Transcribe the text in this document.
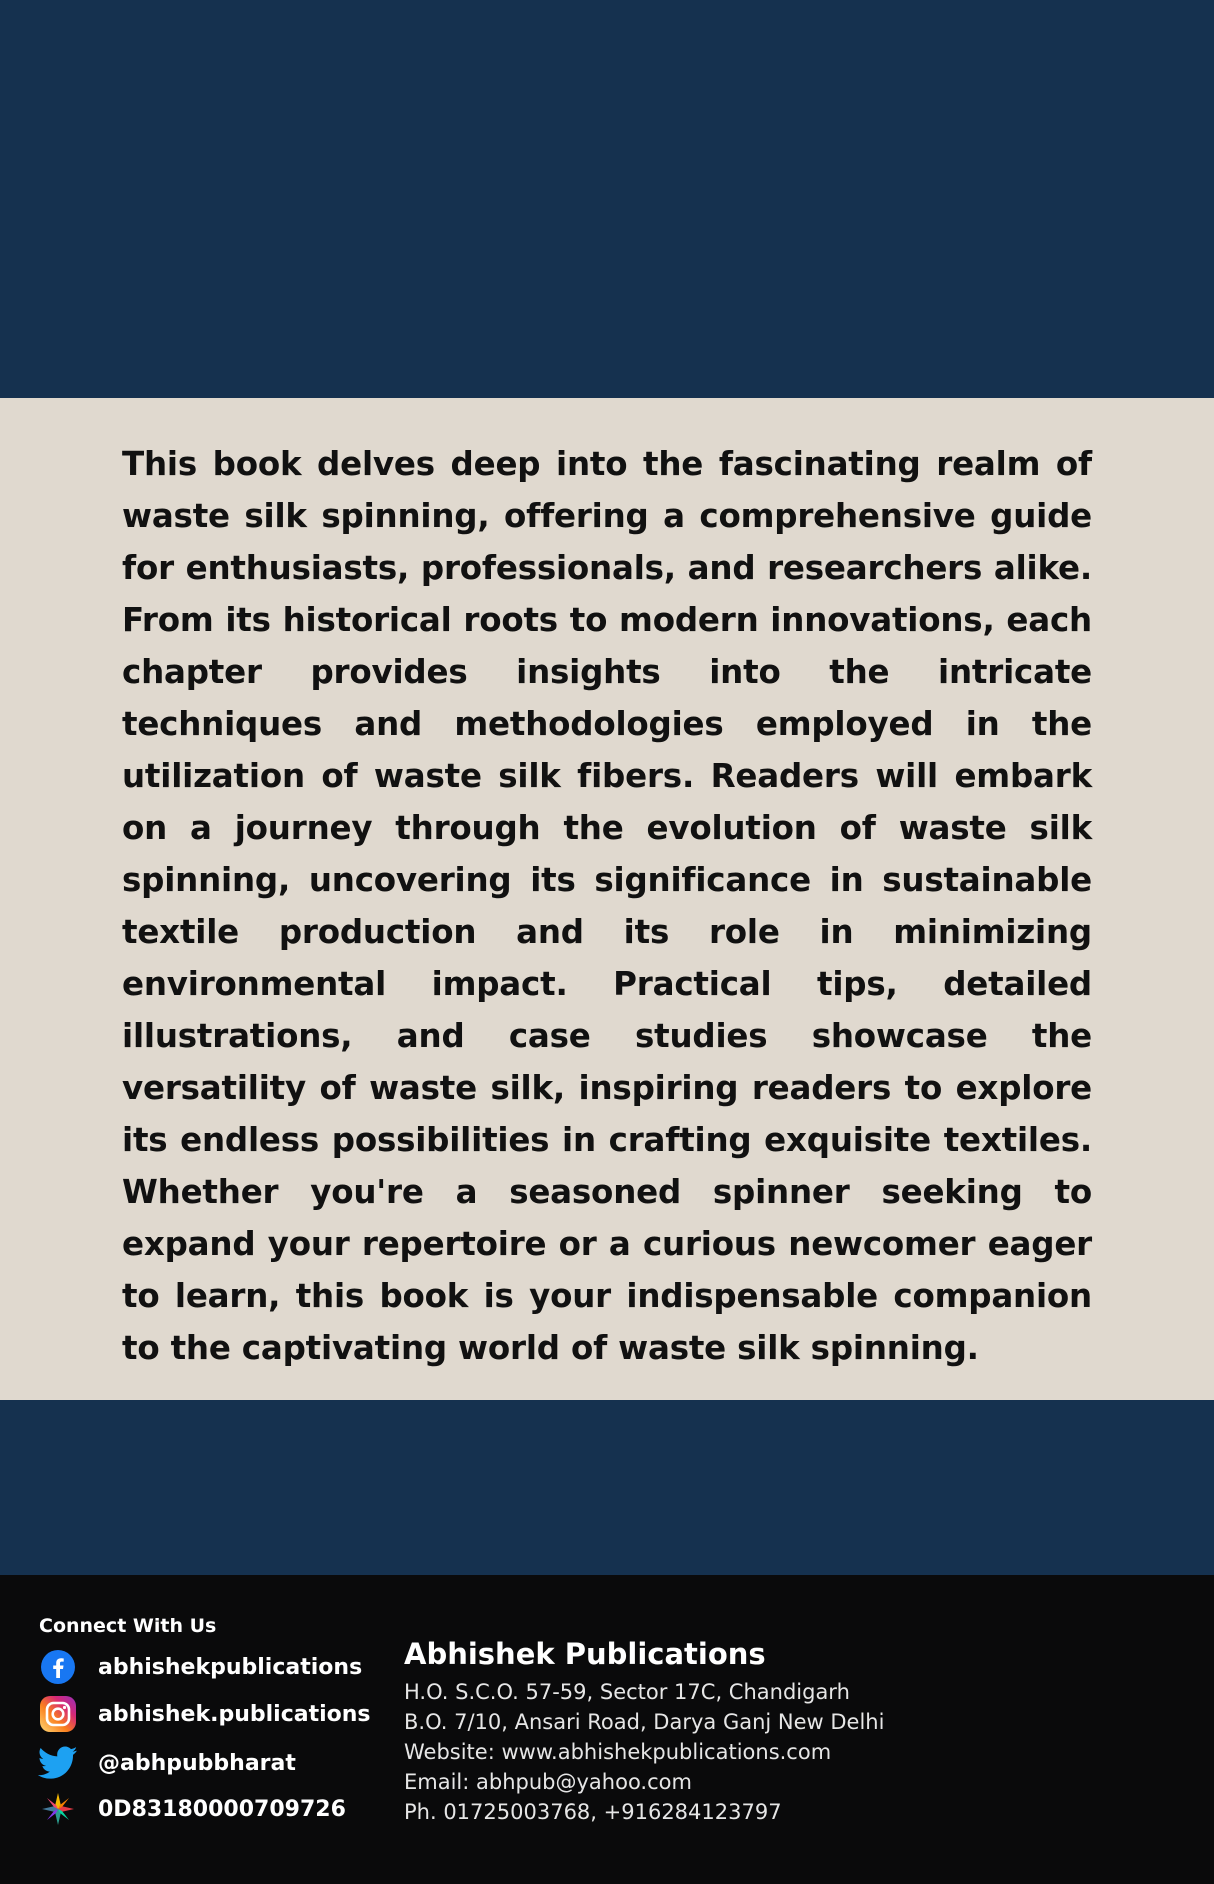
This book delves deep into the fascinating realm of waste silk spinning, offering a comprehensive guide for enthusiasts, professionals, and researchers alike. From its historical roots to modern innovations, each chapter provides insights into the intricate techniques and methodologies employed in the utilization of waste silk fibers. Readers will embark on a journey through the evolution of waste silk spinning, uncovering its significance in sustainable textile production and its role in minimizing environmental impact. Practical tips, detailed illustrations, and case studies showcase the versatility of waste silk, inspiring readers to explore its endless possibilities in crafting exquisite textiles. Whether you're a seasoned spinner seeking to expand your repertoire or a curious newcomer eager to learn, this book is your indispensable companion to the captivating world of waste silk spinning.
Connect With Us
abhishekpublications
abhishek.publications
@abhpubbharat
0D83180000709726
Abhishek Publications
H.O. S.C.O. 57-59, Sector 17C, Chandigarh
B.O. 7/10, Ansari Road, Darya Ganj New Delhi
Website: www.abhishekpublications.com
Email: abhpub@yahoo.com
Ph. 01725003768, +916284123797
